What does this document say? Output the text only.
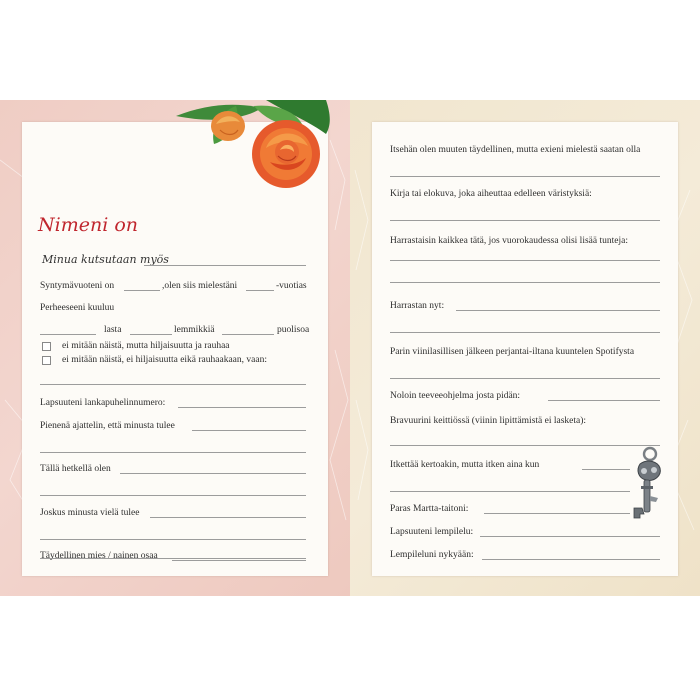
Nimeni on
Minua kutsutaan myös
Syntymävuoteni on	,olen siis mielestäni	-vuotias
Perheeseeni kuuluu
lasta	lemmikkiä	puolisoa
ei mitään näistä, mutta hiljaisuutta ja rauhaa
ei mitään näistä, ei hiljaisuutta eikä rauhaakaan, vaan:
Lapsuuteni lankapuhelinnumero:
Pienenä ajattelin, että minusta tulee
Tällä hetkellä olen
Joskus minusta vielä tulee
Täydellinen mies / nainen osaa
Itsehän olen muuten täydellinen, mutta exieni mielestä saatan olla
Kirja tai elokuva, joka aiheuttaa edelleen väristyksiä:
Harrastaisin kaikkea tätä, jos vuorokaudessa olisi lisää tunteja:
Harrastan nyt:
Parin viinilasillisen jälkeen perjantai-iltana kuuntelen Spotifysta
Noloin teeveeohjelma josta pidän:
Bravuurini keittiössä (viinin lipittämistä ei lasketa):
Itkettää kertoakin, mutta itken aina kun
Paras Martta-taitoni:
Lapsuuteni lempilelu:
Lempileluni nykyään:
